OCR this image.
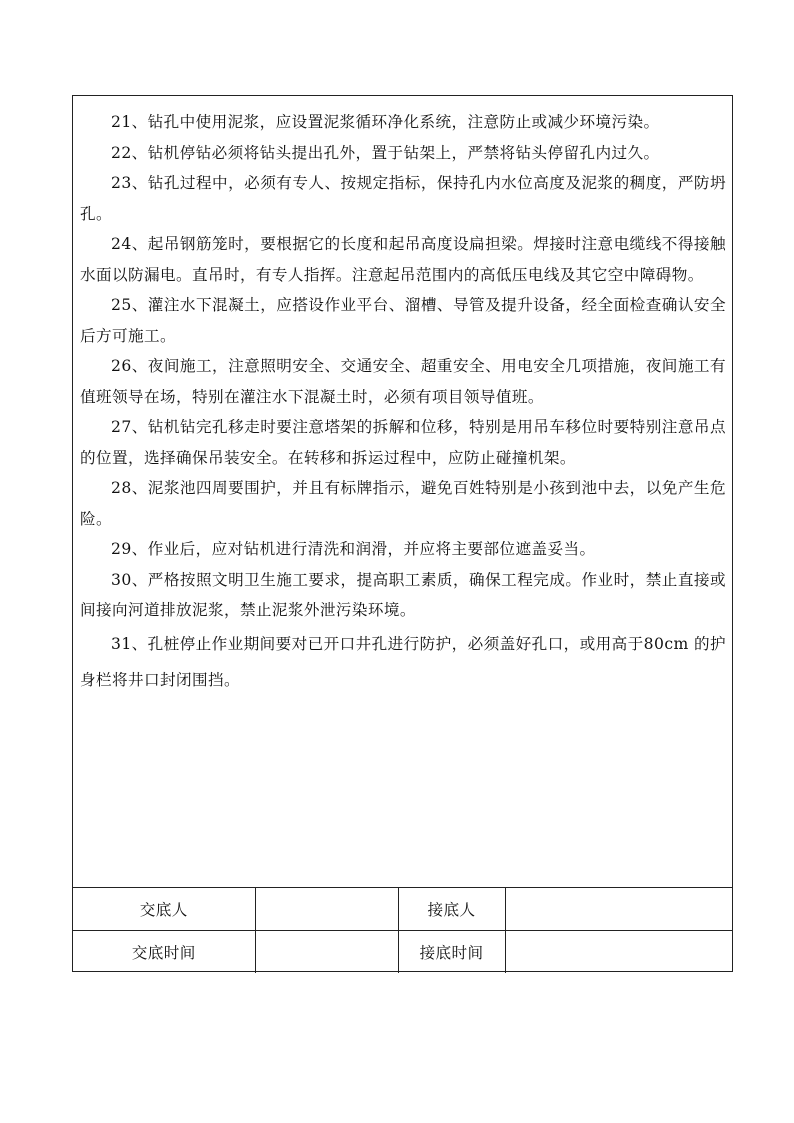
21、钻孔中使用泥浆，应设置泥浆循环净化系统，注意防止或减少环境污染。

22、钻机停钻必须将钻头提出孔外，置于钻架上，严禁将钻头停留孔内过久。

23、钻孔过程中，必须有专人、按规定指标，保持孔内水位高度及泥浆的稠度，严防坍孔。

24、起吊钢筋笼时，要根据它的长度和起吊高度设扁担梁。焊接时注意电缆线不得接触水面以防漏电。直吊时，有专人指挥。注意起吊范围内的高低压电线及其它空中障碍物。

25、灌注水下混凝土，应搭设作业平台、溜槽、导管及提升设备，经全面检查确认安全后方可施工。

26、夜间施工，注意照明安全、交通安全、超重安全、用电安全几项措施，夜间施工有值班领导在场，特别在灌注水下混凝土时，必须有项目领导值班。

27、钻机钻完孔移走时要注意塔架的拆解和位移，特别是用吊车移位时要特别注意吊点的位置，选择确保吊装安全。在转移和拆运过程中，应防止碰撞机架。

28、泥浆池四周要围护，并且有标牌指示，避免百姓特别是小孩到池中去，以免产生危险。

29、作业后，应对钻机进行清洗和润滑，并应将主要部位遮盖妥当。

30、严格按照文明卫生施工要求，提高职工素质，确保工程完成。作业时，禁止直接或间接向河道排放泥浆，禁止泥浆外泄污染环境。

31、孔桩停止作业期间要对已开口井孔进行防护，必须盖好孔口，或用高于80cm 的护身栏将井口封闭围挡。

交底人		接底人	
交底时间		接底时间	
